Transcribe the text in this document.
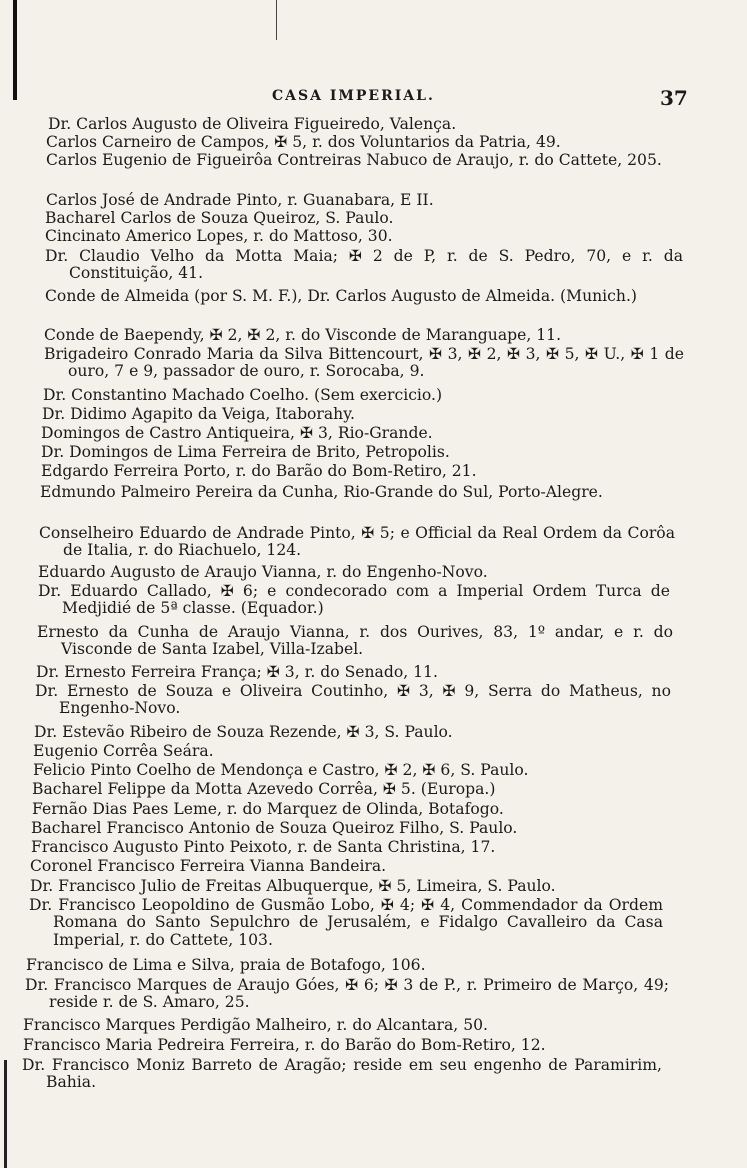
CASA IMPERIAL.	37
Dr. Carlos Augusto de Oliveira Figueiredo, Valença.
Carlos Carneiro de Campos, ✠ 5, r. dos Voluntarios da Patria, 49.
Carlos Eugenio de Figueirôa Contreiras Nabuco de Araujo, r. do Cattete, 205.
Carlos José de Andrade Pinto, r. Guanabara, E II.
Bacharel Carlos de Souza Queiroz, S. Paulo.
Cincinato Americo Lopes, r. do Mattoso, 30.
Dr. Claudio Velho da Motta Maia; ✠ 2 de P, r. de S. Pedro, 70, e r. da Constituição, 41.
Conde de Almeida (por S. M. F.), Dr. Carlos Augusto de Almeida. (Munich.)
Conde de Baependy, ✠ 2, ✠ 2, r. do Visconde de Maranguape, 11.
Brigadeiro Conrado Maria da Silva Bittencourt, ✠ 3, ✠ 2, ✠ 3, ✠ 5, ✠ U., ✠ 1 de ouro, 7 e 9, passador de ouro, r. Sorocaba, 9.
Dr. Constantino Machado Coelho. (Sem exercicio.)
Dr. Didimo Agapito da Veiga, Itaborahy.
Domingos de Castro Antiqueira, ✠ 3, Rio-Grande.
Dr. Domingos de Lima Ferreira de Brito, Petropolis.
Edgardo Ferreira Porto, r. do Barão do Bom-Retiro, 21.
Edmundo Palmeiro Pereira da Cunha, Rio-Grande do Sul, Porto-Alegre.
Conselheiro Eduardo de Andrade Pinto, ✠ 5; e Official da Real Ordem da Corôa de Italia, r. do Riachuelo, 124.
Eduardo Augusto de Araujo Vianna, r. do Engenho-Novo.
Dr. Eduardo Callado, ✠ 6; e condecorado com a Imperial Ordem Turca de Medjidié de 5ª classe. (Equador.)
Ernesto da Cunha de Araujo Vianna, r. dos Ourives, 83, 1º andar, e r. do Visconde de Santa Izabel, Villa-Izabel.
Dr. Ernesto Ferreira França; ✠ 3, r. do Senado, 11.
Dr. Ernesto de Souza e Oliveira Coutinho, ✠ 3, ✠ 9, Serra do Matheus, no Engenho-Novo.
Dr. Estevão Ribeiro de Souza Rezende, ✠ 3, S. Paulo.
Eugenio Corrêa Seára.
Felicio Pinto Coelho de Mendonça e Castro, ✠ 2, ✠ 6, S. Paulo.
Bacharel Felippe da Motta Azevedo Corrêa, ✠ 5. (Europa.)
Fernão Dias Paes Leme, r. do Marquez de Olinda, Botafogo.
Bacharel Francisco Antonio de Souza Queiroz Filho, S. Paulo.
Francisco Augusto Pinto Peixoto, r. de Santa Christina, 17.
Coronel Francisco Ferreira Vianna Bandeira.
Dr. Francisco Julio de Freitas Albuquerque, ✠ 5, Limeira, S. Paulo.
Dr. Francisco Leopoldino de Gusmão Lobo, ✠ 4; ✠ 4, Commendador da Ordem Romana do Santo Sepulchro de Jerusalém, e Fidalgo Cavalleiro da Casa Imperial, r. do Cattete, 103.
Francisco de Lima e Silva, praia de Botafogo, 106.
Dr. Francisco Marques de Araujo Góes, ✠ 6; ✠ 3 de P., r. Primeiro de Março, 49; reside r. de S. Amaro, 25.
Francisco Marques Perdigão Malheiro, r. do Alcantara, 50.
Francisco Maria Pedreira Ferreira, r. do Barão do Bom-Retiro, 12.
Dr. Francisco Moniz Barreto de Aragão; reside em seu engenho de Paramirim, Bahia.
